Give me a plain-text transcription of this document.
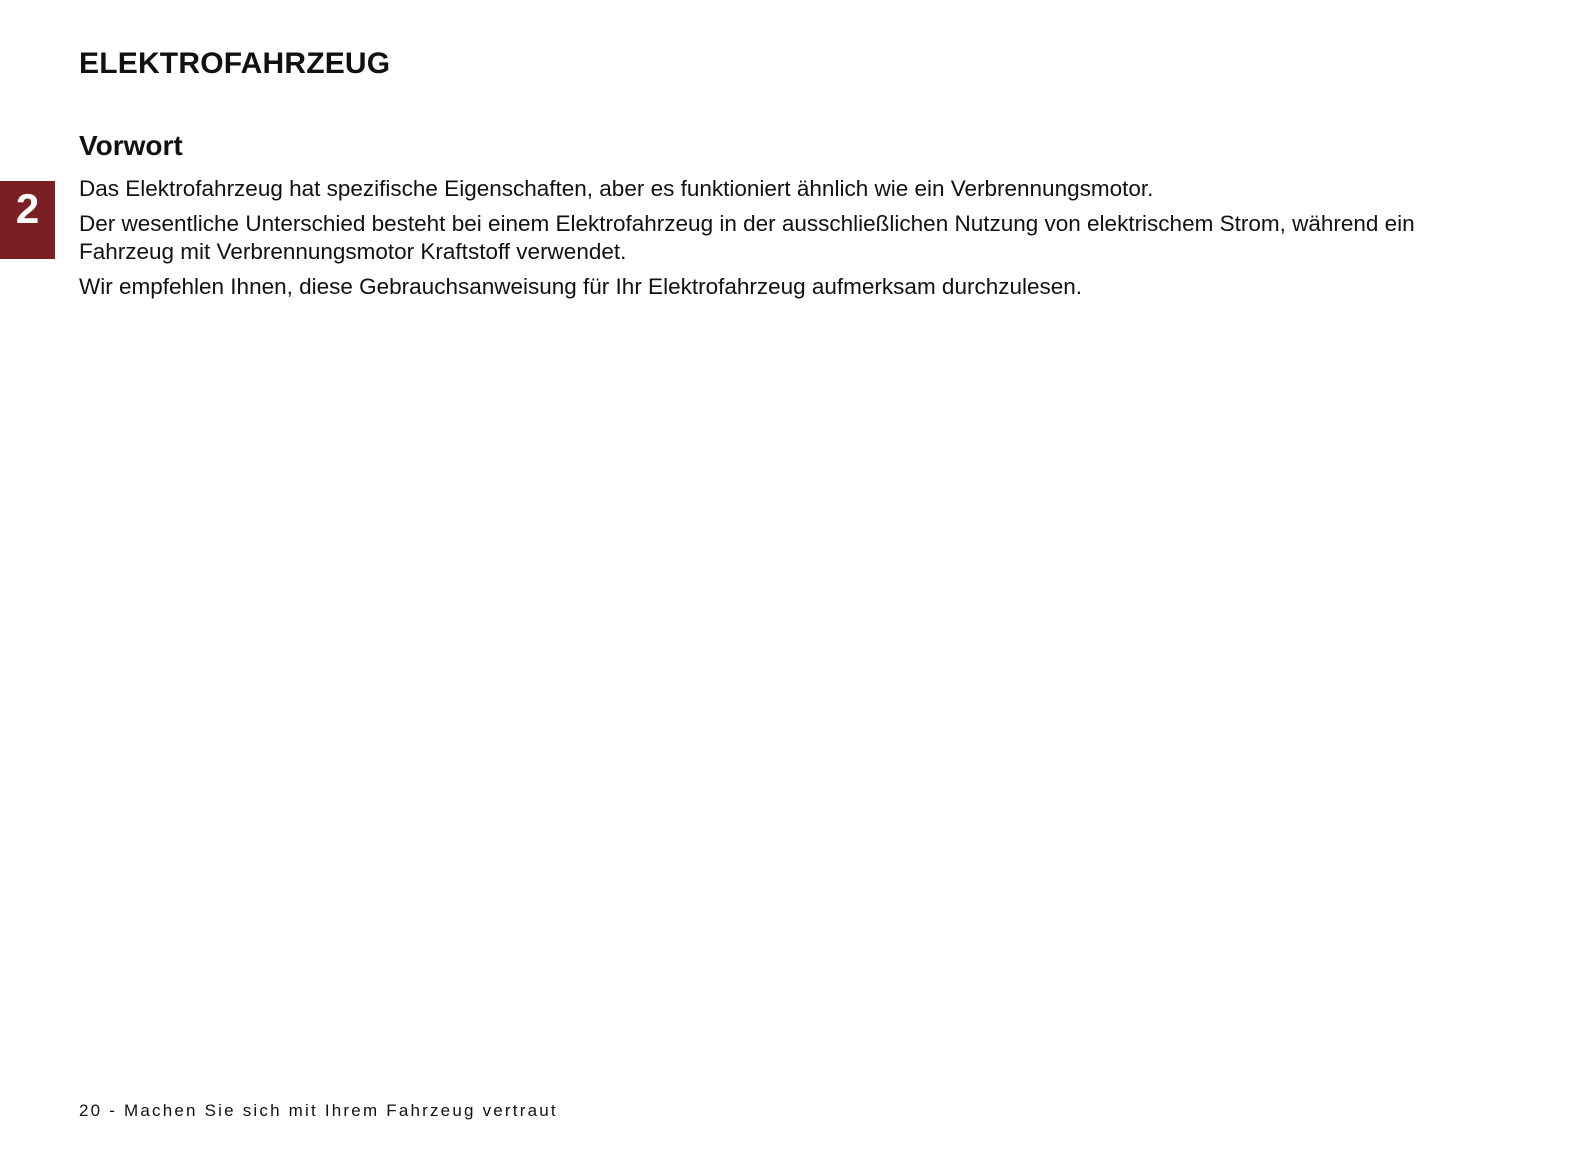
ELEKTROFAHRZEUG
Vorwort
2	Das Elektrofahrzeug hat spezifische Eigenschaften, aber es funktioniert ähnlich wie ein Verbrennungsmotor.

Der wesentliche Unterschied besteht bei einem Elektrofahrzeug in der ausschließlichen Nutzung von elektrischem Strom, während ein Fahrzeug mit Verbrennungsmotor Kraftstoff verwendet.

Wir empfehlen Ihnen, diese Gebrauchsanweisung für Ihr Elektrofahrzeug aufmerksam durchzulesen.

20 - Machen Sie sich mit Ihrem Fahrzeug vertraut
